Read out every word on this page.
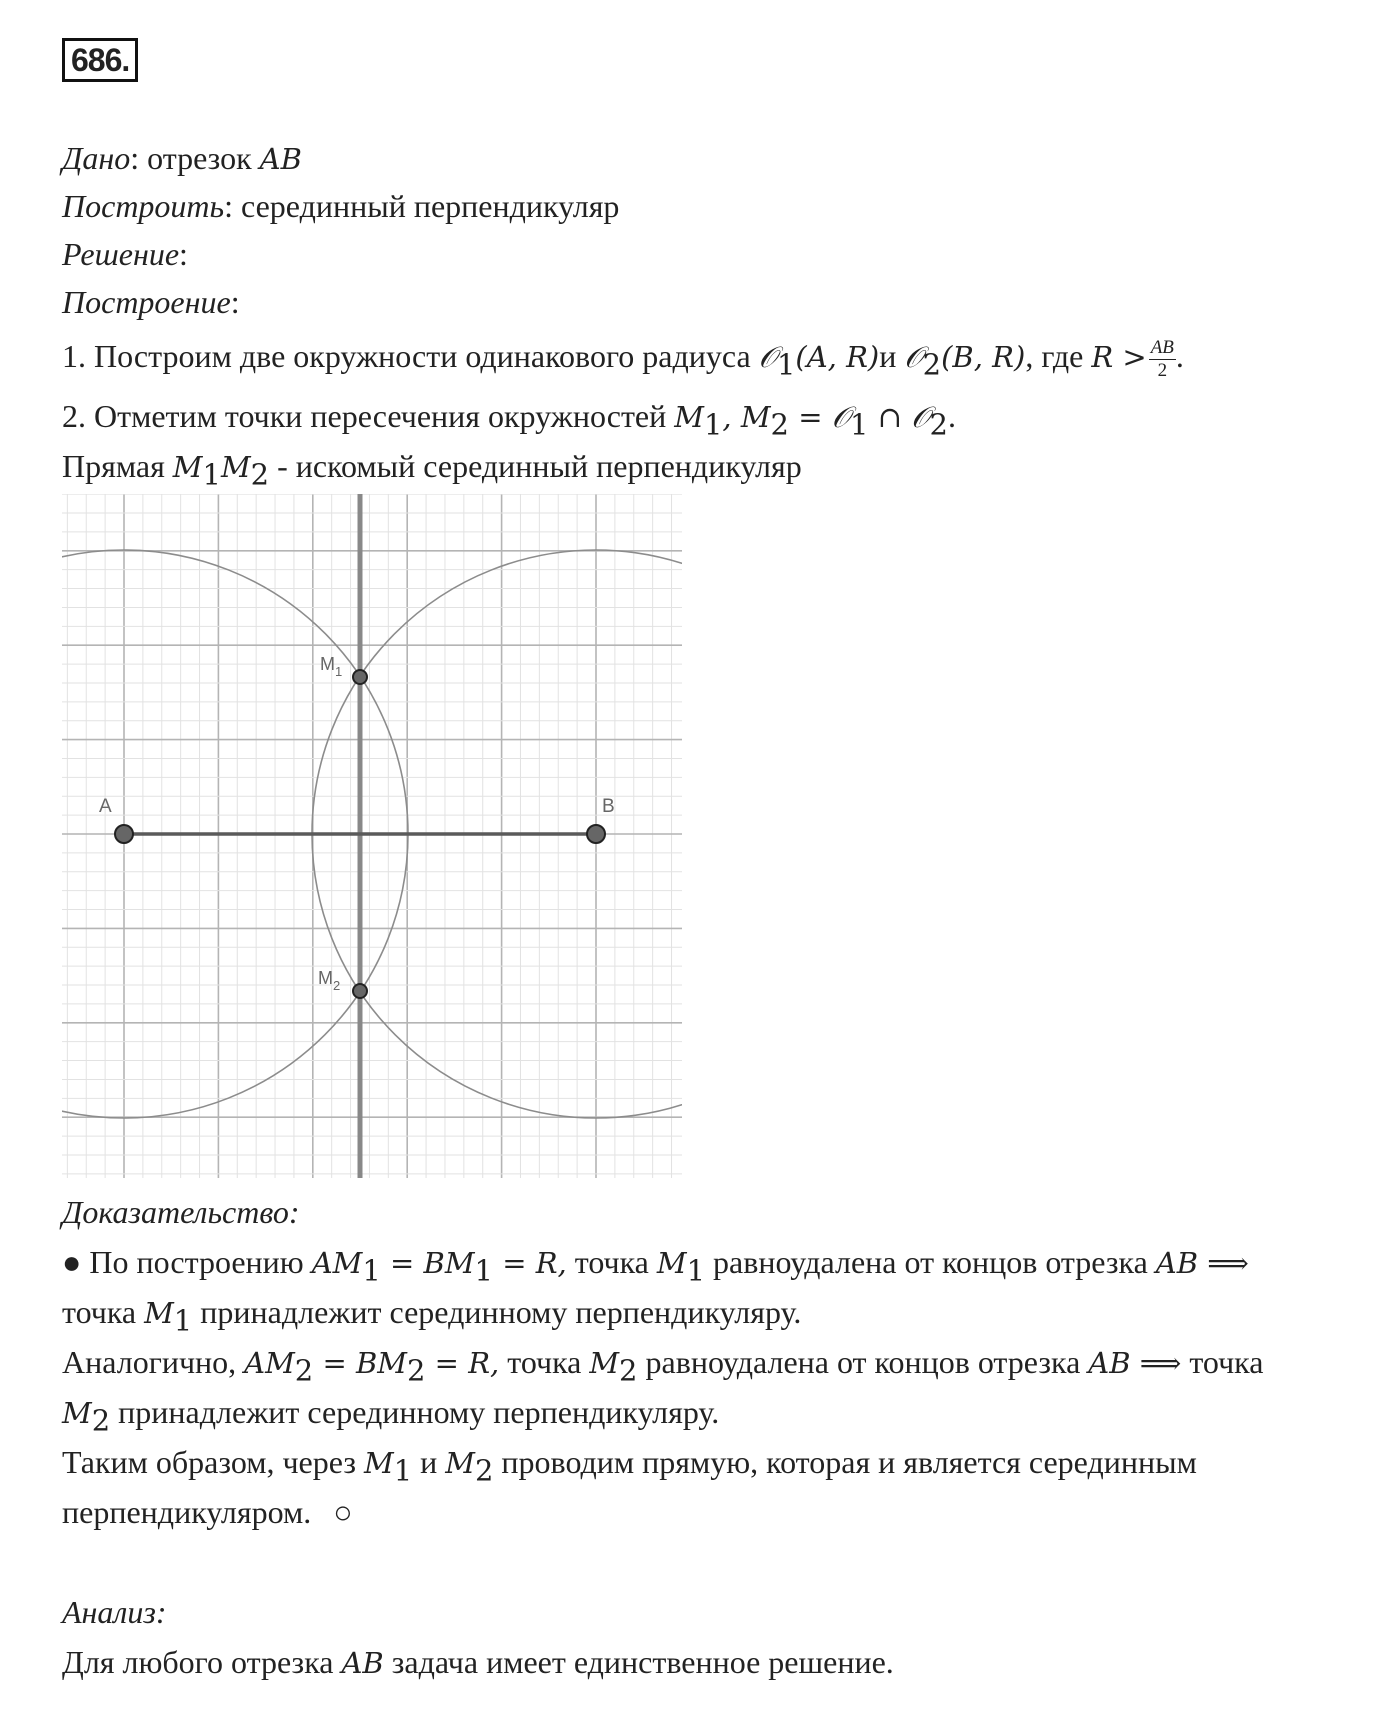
686.
Дано: отрезок AB
Построить: серединный перпендикуляр
Решение:
Построение:
1. Построим две окружности одинакового радиуса 𝒪$_1$(A, R)и 𝒪$_2$(B, R), где $R > \frac{AB}{2}$ .
2. Отметим точки пересечения окружностей $M_1$, $M_2$ = 𝒪$_1$ ∩ 𝒪$_2$.
Прямая $M_1M_2$ - искомый серединный перпендикуляр
A	B
$M_1$
$M_2$
Доказательство:
● По построению $AM_1 = BM_1 = R$, точка $M_1$ равноудалена от концов отрезка AB ⟹
точка $M_1$ принадлежит серединному перпендикуляру.
Аналогично, $AM_2 = BM_2 = R$, точка $M_2$ равноудалена от концов отрезка AB ⟹ точка
$M_2$ принадлежит серединному перпендикуляру.
Таким образом, через $M_1$ и $M_2$ проводим прямую, которая и является серединным
перпендикуляром. ○
Анализ:
Для любого отрезка AB задача имеет единственное решение.
